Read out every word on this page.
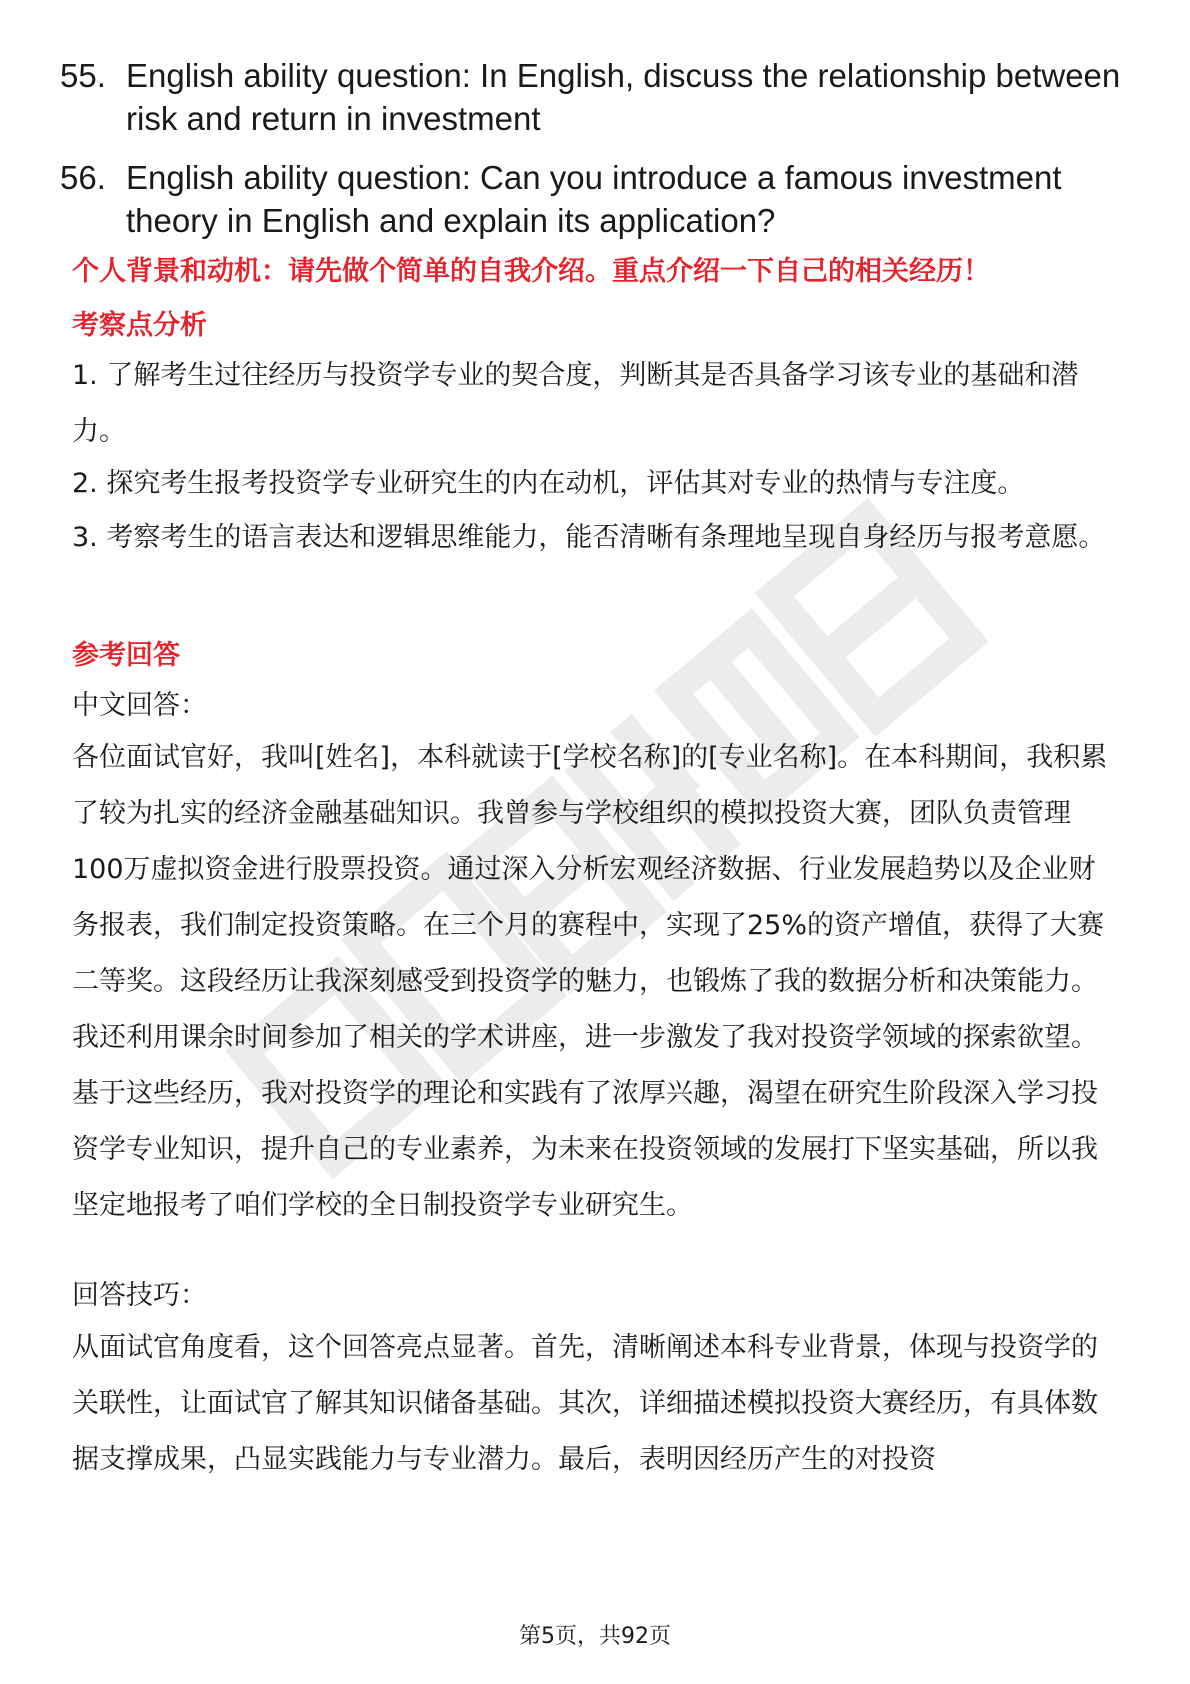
55. English ability question: In English, discuss the relationship between risk and return in investment
56. English ability question: Can you introduce a famous investment theory in English and explain its application?
个人背景和动机：请先做个简单的自我介绍。重点介绍一下自己的相关经历！
考察点分析

1. 了解考生过往经历与投资学专业的契合度，判断其是否具备学习该专业的基础和潜力。

2. 探究考生报考投资学专业研究生的内在动机，评估其对专业的热情与专注度。

3. 考察考生的语言表达和逻辑思维能力，能否清晰有条理地呈现自身经历与报考意愿。

参考回答
中文回答：

各位面试官好，我叫[姓名]，本科就读于[学校名称]的[专业名称]。在本科期间，我积累了较为扎实的经济金融基础知识。我曾参与学校组织的模拟投资大赛，团队负责管理100万虚拟资金进行股票投资。通过深入分析宏观经济数据、行业发展趋势以及企业财务报表，我们制定投资策略。在三个月的赛程中，实现了25%的资产增值，获得了大赛二等奖。这段经历让我深刻感受到投资学的魅力，也锻炼了我的数据分析和决策能力。我还利用课余时间参加了相关的学术讲座，进一步激发了我对投资学领域的探索欲望。基于这些经历，我对投资学的理论和实践有了浓厚兴趣，渴望在研究生阶段深入学习投资学专业知识，提升自己的专业素养，为未来在投资领域的发展打下坚实基础，所以我坚定地报考了咱们学校的全日制投资学专业研究生。

回答技巧：

从面试官角度看，这个回答亮点显著。首先，清晰阐述本科专业背景，体现与投资学的关联性，让面试官了解其知识储备基础。其次，详细描述模拟投资大赛经历，有具体数据支撑成果，凸显实践能力与专业潜力。最后，表明因经历产生的对投资

第5页，共92页
